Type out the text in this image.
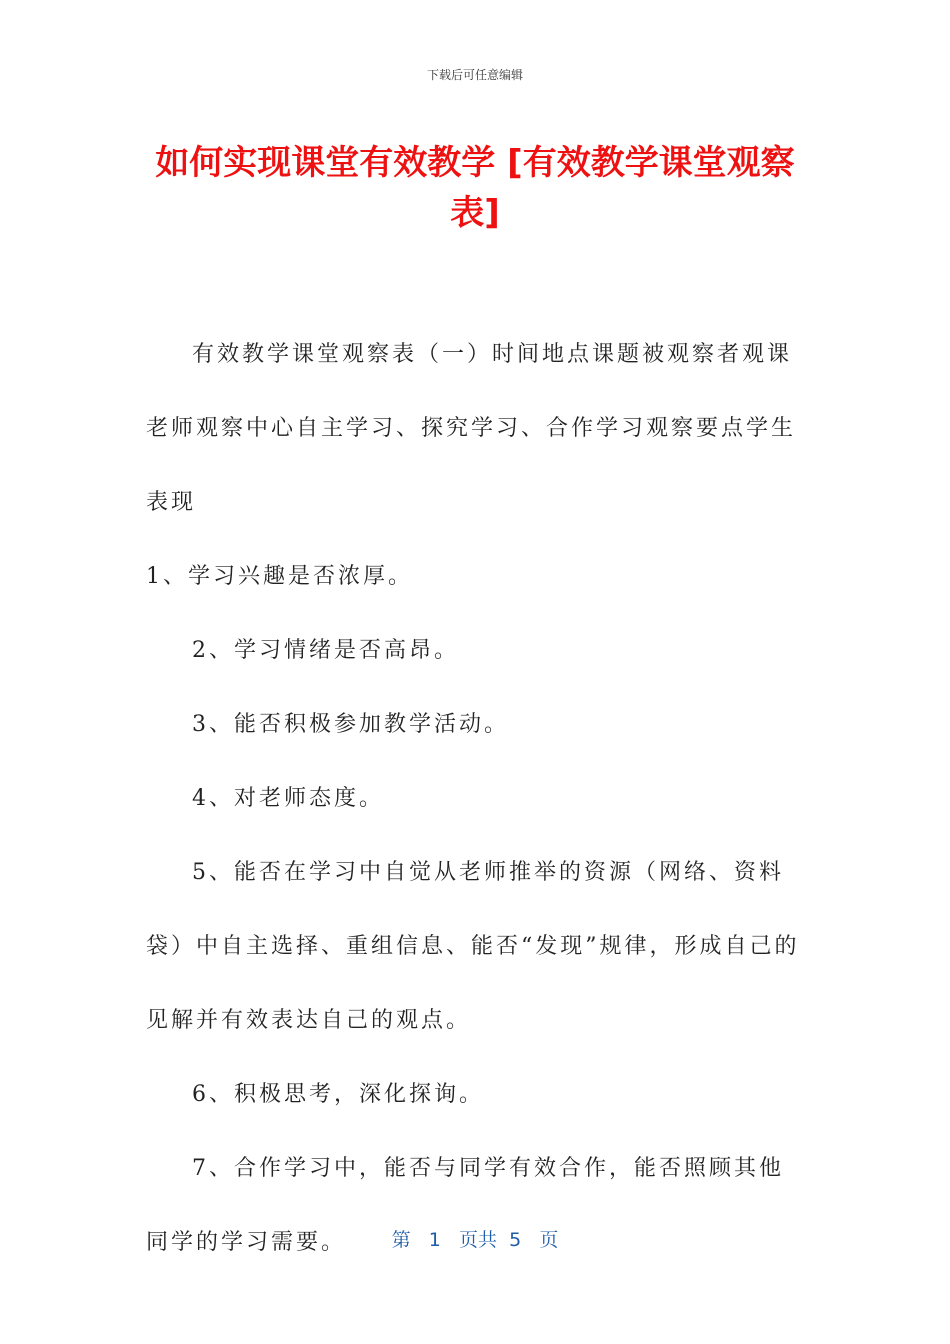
下载后可任意编辑
如何实现课堂有效教学 [有效教学课堂观察表]

有效教学课堂观察表（一）时间地点课题被观察者观课老师观察中心自主学习、探究学习、合作学习观察要点学生表现

1、学习兴趣是否浓厚。

2、学习情绪是否高昂。

3、能否积极参加教学活动。

4、对老师态度。

5、能否在学习中自觉从老师推举的资源（网络、资料袋）中自主选择、重组信息、能否“发现”规律，形成自己的见解并有效表达自己的观点。

6、积极思考，深化探询。

7、合作学习中，能否与同学有效合作，能否照顾其他同学的学习需要。	第 1 页共 5 页
